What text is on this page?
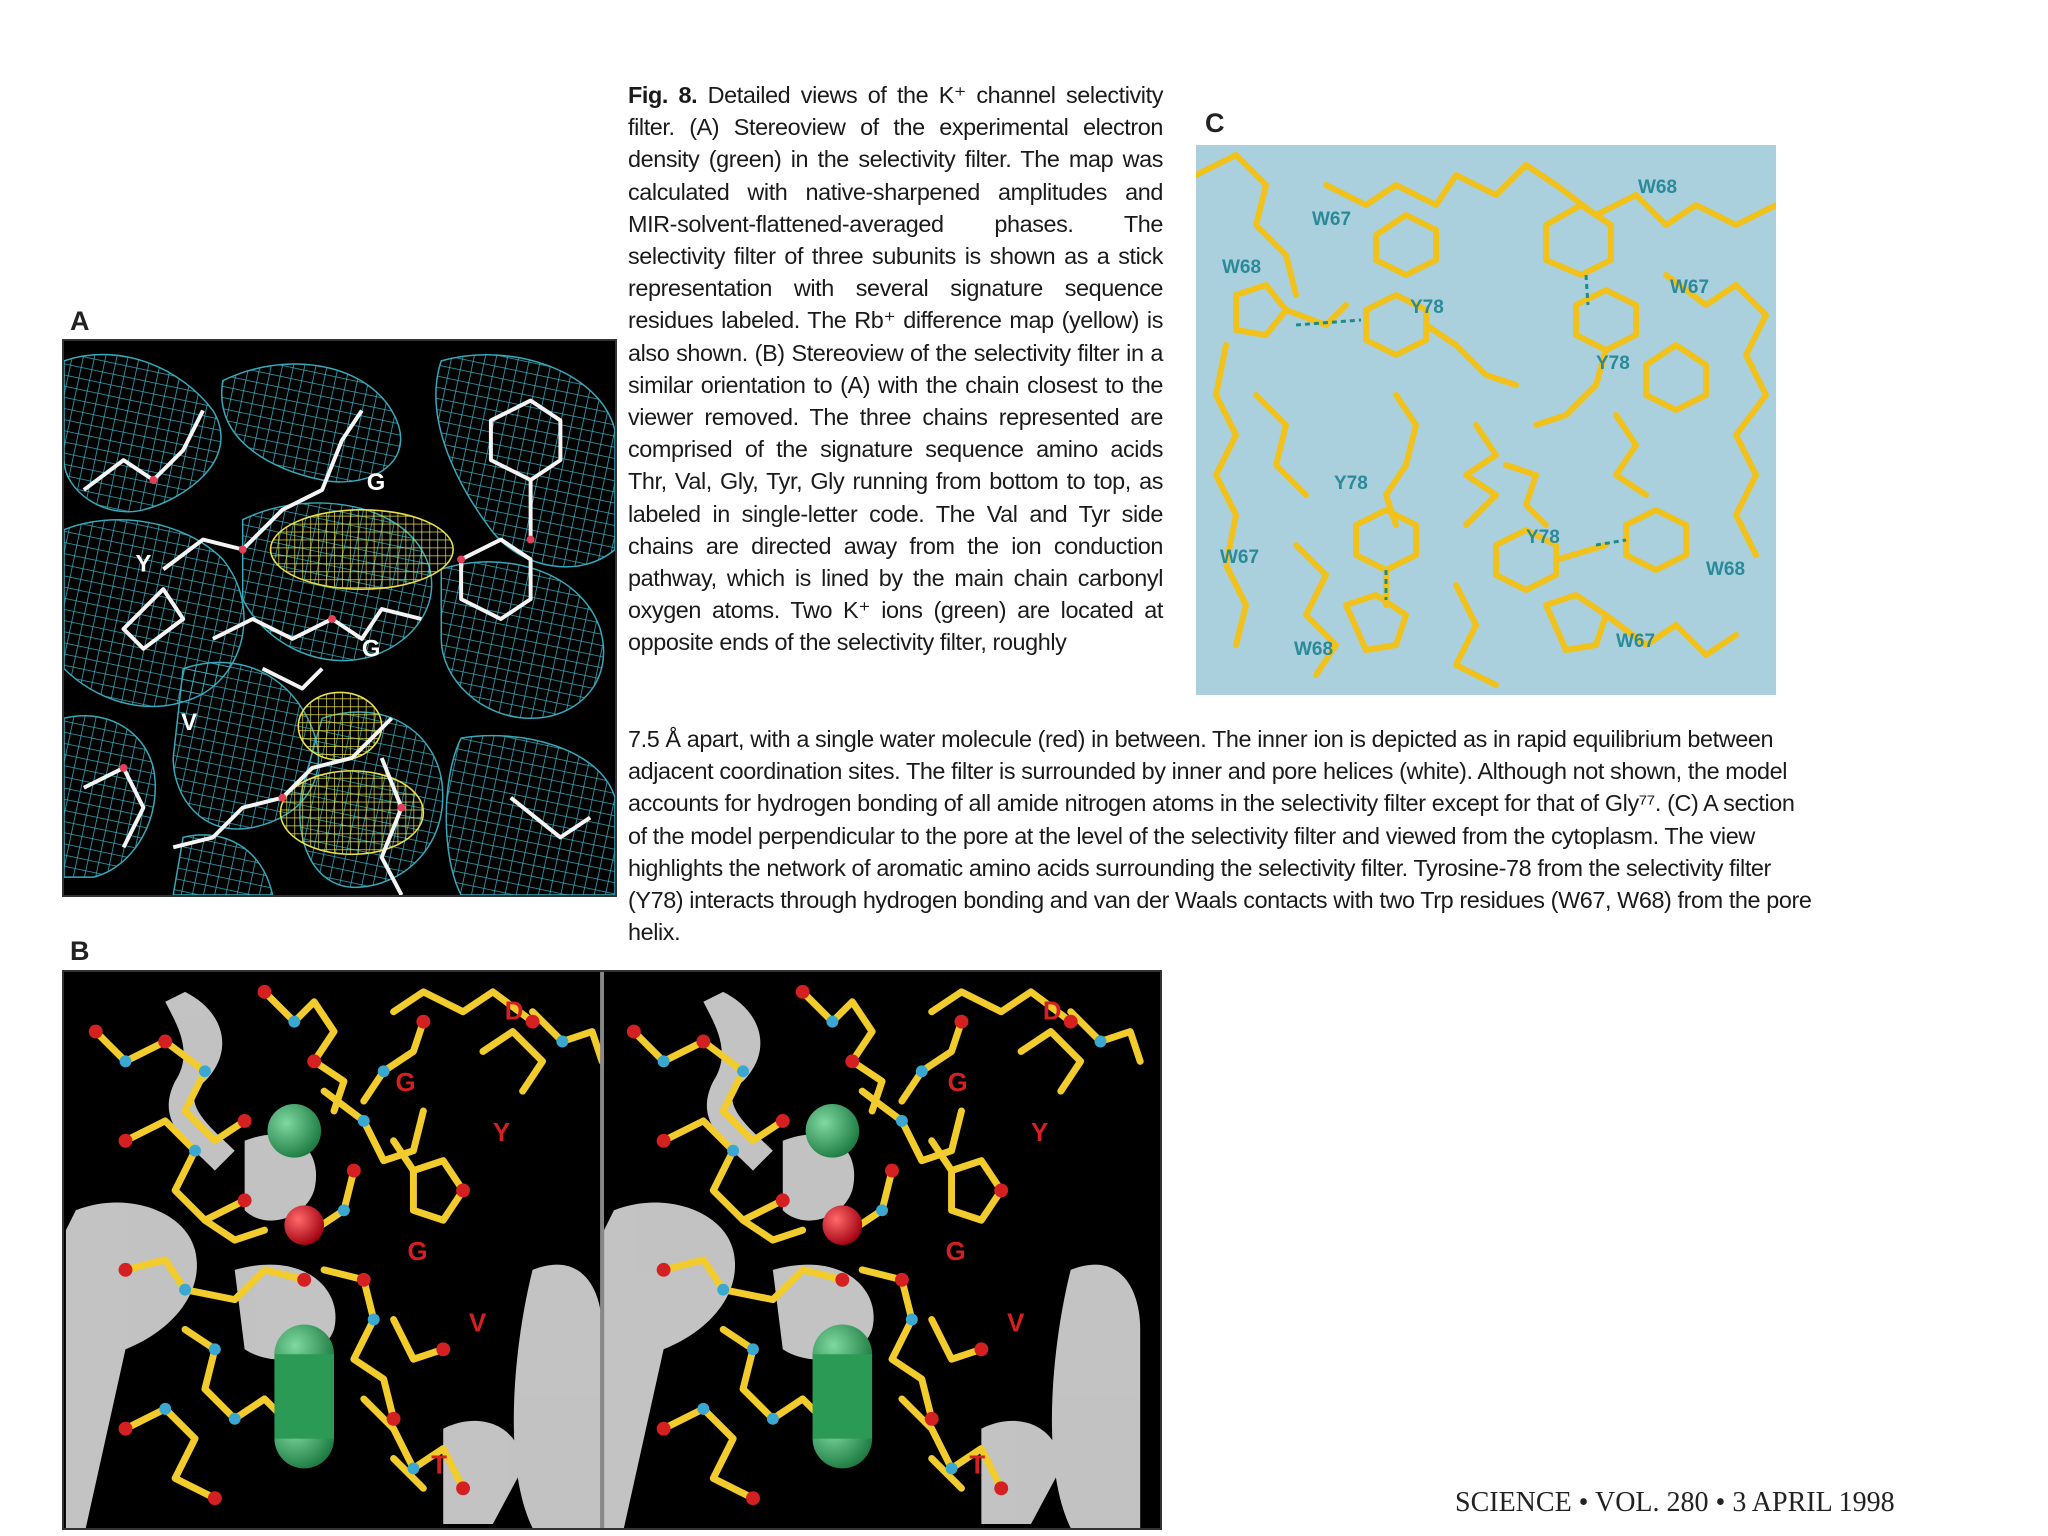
A
B
C
G
Y
G
V

Fig. 8. Detailed views of the K⁺ channel selectivity filter. (A) Stereoview of the experimental electron density (green) in the selectivity filter. The map was calculated with native-sharpened amplitudes and MIR-solvent-flattened-averaged phases. The selectivity filter of three subunits is shown as a stick representation with several signature sequence residues labeled. The Rb⁺ difference map (yellow) is also shown. (B) Stereoview of the selectivity filter in a similar orientation to (A) with the chain closest to the viewer removed. The three chains represented are comprised of the signature sequence amino acids Thr, Val, Gly, Tyr, Gly running from bottom to top, as labeled in single-letter code. The Val and Tyr side chains are directed away from the ion conduction pathway, which is lined by the main chain carbonyl oxygen atoms. Two K⁺ ions (green) are located at opposite ends of the selectivity filter, roughly

W67
W68
W68
Y78
W67
Y78
Y78
Y78
W67
W68
W68	W67

7.5 Å apart, with a single water molecule (red) in between. The inner ion is depicted as in rapid equilibrium between adjacent coordination sites. The filter is surrounded by inner and pore helices (white). Although not shown, the model accounts for hydrogen bonding of all amide nitrogen atoms in the selectivity filter except for that of Gly⁷⁷. (C) A section of the model perpendicular to the pore at the level of the selectivity filter and viewed from the cytoplasm. The view highlights the network of aromatic amino acids surrounding the selectivity filter. Tyrosine-78 from the selectivity filter (Y78) interacts through hydrogen bonding and van der Waals contacts with two Trp residues (W67, W68) from the pore helix.

D
G
Y
G
V
T
D
G
Y
G
V
T
SCIENCE • VOL. 280 • 3 APRIL 1998
